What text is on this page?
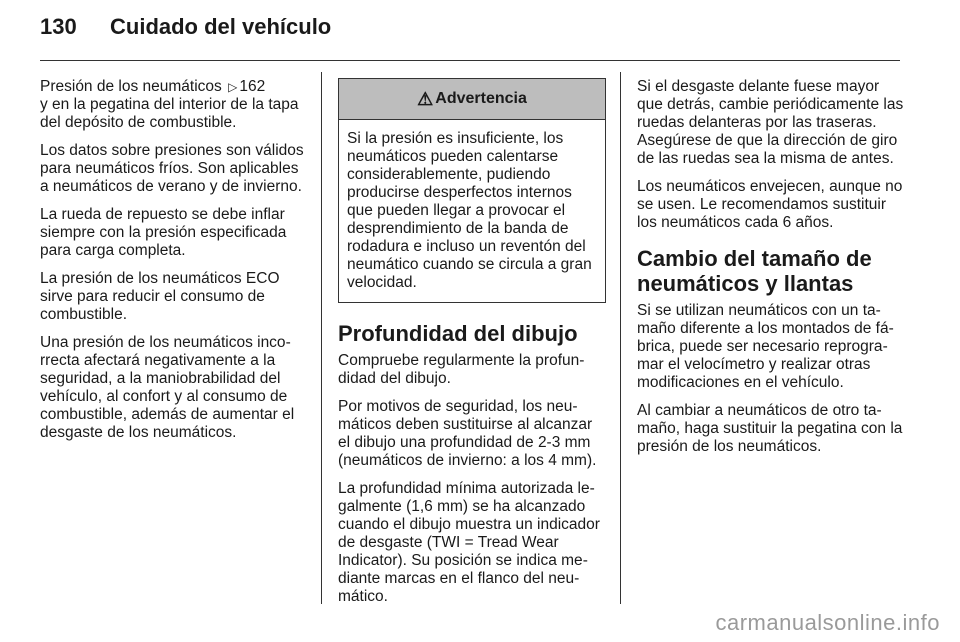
130	Cuidado del vehículo

Presión de los neumáticos ▷ 162
y en la pegatina del interior de la tapa del depósito de combustible.

Los datos sobre presiones son válidos para neumáticos fríos. Son aplicables a neumáticos de verano y de invierno.

La rueda de repuesto se debe inflar siempre con la presión especificada para carga completa.

La presión de los neumáticos ECO sirve para reducir el consumo de combustible.

Una presión de los neumáticos incorrecta afectará negativamente a la seguridad, a la maniobrabilidad del vehículo, al confort y al consumo de combustible, además de aumentar el desgaste de los neumáticos.

⚠ Advertencia
Si la presión es insuficiente, los neumáticos pueden calentarse considerablemente, pudiendo producirse desperfectos internos que pueden llegar a provocar el desprendimiento de la banda de rodadura e incluso un reventón del neumático cuando se circula a gran velocidad.
Profundidad del dibujo

Compruebe regularmente la profundidad del dibujo.

Por motivos de seguridad, los neumáticos deben sustituirse al alcanzar el dibujo una profundidad de 2-3 mm (neumáticos de invierno: a los 4 mm).

La profundidad mínima autorizada legalmente (1,6 mm) se ha alcanzado cuando el dibujo muestra un indicador de desgaste (TWI = Tread Wear Indicator). Su posición se indica mediante marcas en el flanco del neumático.

Si el desgaste delante fuese mayor que detrás, cambie periódicamente las ruedas delanteras por las traseras. Asegúrese de que la dirección de giro de las ruedas sea la misma de antes.

Los neumáticos envejecen, aunque no se usen. Le recomendamos sustituir los neumáticos cada 6 años.

Cambio del tamaño de neumáticos y llantas

Si se utilizan neumáticos con un tamaño diferente a los montados de fábrica, puede ser necesario reprogramar el velocímetro y realizar otras modificaciones en el vehículo.

Al cambiar a neumáticos de otro tamaño, haga sustituir la pegatina con la presión de los neumáticos.

carmanualsonline.info
